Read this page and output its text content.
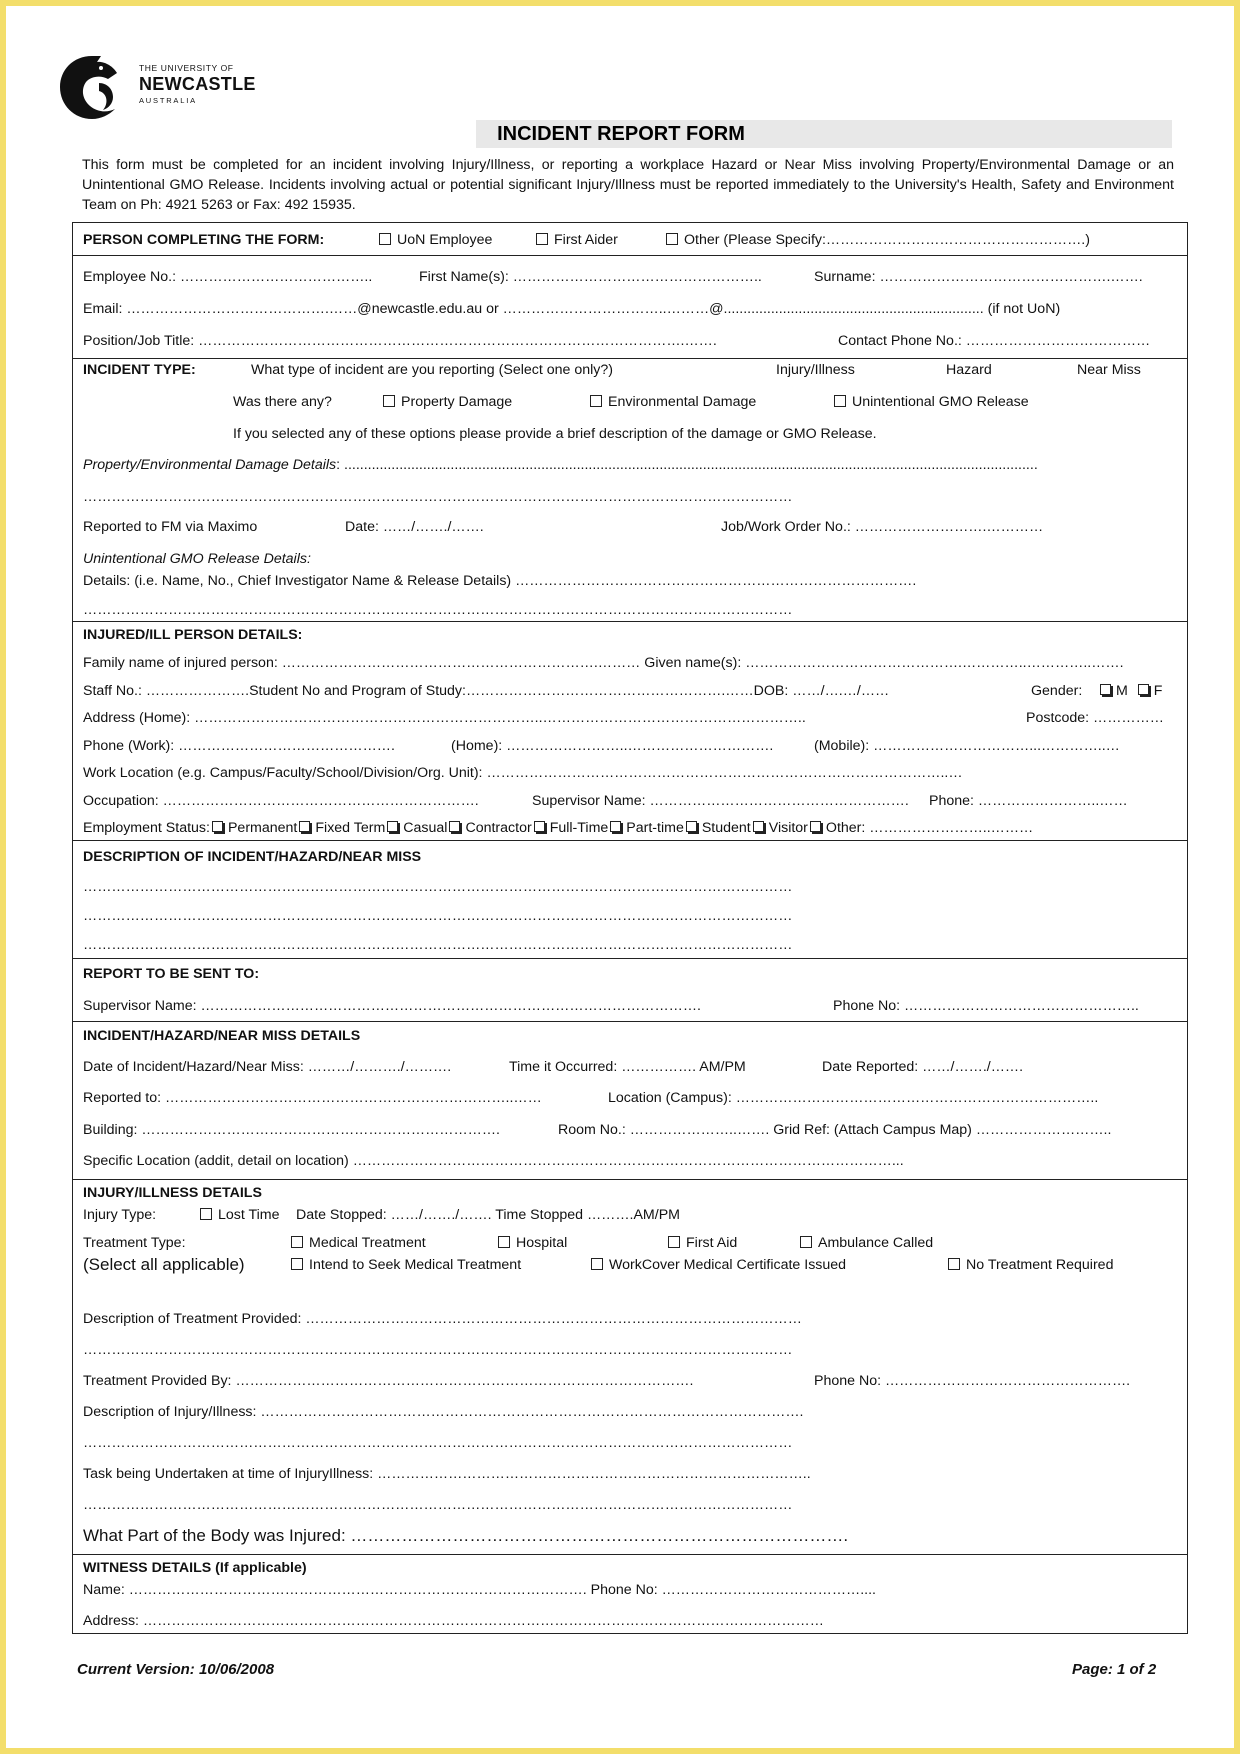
THE UNIVERSITY OF
NEWCASTLE
AUSTRALIA
INCIDENT REPORT FORM
This form must be completed for an incident involving Injury/Illness, or reporting a workplace Hazard or Near Miss involving Property/Environmental Damage or an Unintentional GMO Release. Incidents involving actual or potential significant Injury/Illness must be reported immediately to the University's Health, Safety and Environment Team on Ph: 4921 5263 or Fax: 492 15935.
PERSON COMPLETING THE FORM:	UoN Employee	First Aider	Other (Please Specify:……………………………………………….)
Employee No.: …………………………………..	First Name(s): ……………………………………………..	Surname: ………………………………………….…….
Email: …………………………………….……@newcastle.edu.au or ……………………………..………@.................................................................. (if not UoN)
Position/Job Title: ………………………………………………………………………………………….…….	Contact Phone No.: …………………………………
INCIDENT TYPE:	What type of incident are you reporting (Select one only?)	Injury/Illness	Hazard	Near Miss
Was there any?	Property Damage	Environmental Damage	Unintentional GMO Release
If you selected any of these options please provide a brief description of the damage or GMO Release.
Property/Environmental Damage Details: ................................................................................................................................................................................
……………………………………………………………………………………………………………………………………
Reported to FM via Maximo	Date: ……/……./…….	Job/Work Order No.: ……………………….…………
Unintentional GMO Release Details:
Details: (i.e. Name, No., Chief Investigator Name & Release Details) ………………………………………………………………………….
……………………………………………………………………………………………………………………………………
INJURED/ILL PERSON DETAILS:
Family name of injured person: ………………………………………………………….……… Given name(s): ……………………………………….…………..…………..…….
Staff No.: ………………….Student No and Program of Study:……………………………………………….……DOB: ……/….…/……	Gender: M F
Address (Home): ………………………………………………………………..………………………………………………..	Postcode: ……………
Phone (Work): ……………………………………….	(Home): ……………………..………………………….	(Mobile): ……………………………...…………..…
Work Location (e.g. Campus/Faculty/School/Division/Org. Unit): ……………………………………………………………………………………..…
Occupation: ………………………………………………………….	Supervisor Name: ………………………………………………. Phone: ……………………..……
Employment Status: Permanent Fixed Term Casual Contractor Full-Time Part-time Student Visitor Other: ……………………..………
DESCRIPTION OF INCIDENT/HAZARD/NEAR MISS
……………………………………………………………………………………………………………………………………
……………………………………………………………………………………………………………………………………
……………………………………………………………………………………………………………………………………
REPORT TO BE SENT TO:
Supervisor Name: …………………………………………………………………………………………….	Phone No: …………………………………………..
INCIDENT/HAZARD/NEAR MISS DETAILS
Date of Incident/Hazard/Near Miss: ………/………./……….	Time it Occurred: ……………. AM/PM	Date Reported: ……/……./…….
Reported to: ………………………………………………………………..……	Location (Campus): …………………………………………………………………..
Building: ………………………………………………………………….	Room No.: …………………..……. Grid Ref: (Attach Campus Map) ………………………..
Specific Location (addit, detail on location) ……………………………………………………………………………………………………...
INJURY/ILLNESS DETAILS
Injury Type:	Lost Time Date Stopped: ……/……./……. Time Stopped ……….AM/PM
Treatment Type:
(Select all applicable)
Medical Treatment	Hospital	First Aid	Ambulance Called
Intend to Seek Medical Treatment	WorkCover Medical Certificate Issued	No Treatment Required
Description of Treatment Provided: ……………………………………………………………………………………………
……………………………………………………………………………………………………………………………………
Treatment Provided By: …………………………………………………………………………………….	Phone No: …………………………………………….
Description of Injury/Illness: …………………………………………………………………………………………………….
……………………………………………………………………………………………………………………………………
Task being Undertaken at time of InjuryIllness: ………………………………………………………………………………..
……………………………………………………………………………………………………………………………………
What Part of the Body was Injured: …………………………………………………………………………….
WITNESS DETAILS (If applicable)
Name: ……………………………………………………………………………………. Phone No: ……………………………………....
Address: ………………………………………………………………………………………………………………………………
Current Version: 10/06/2008	Page: 1 of 2
